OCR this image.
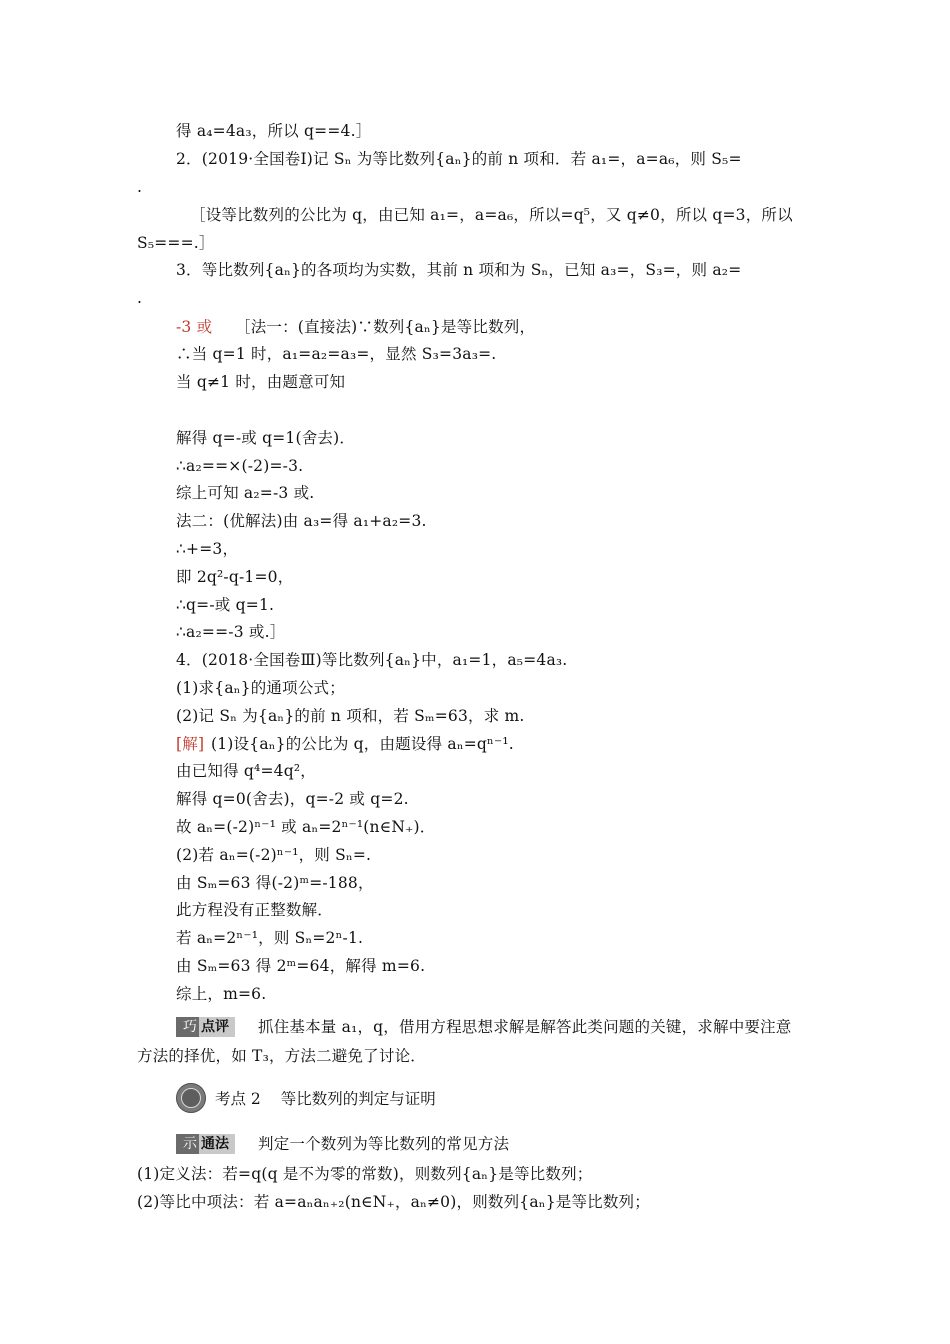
得 a₄=4a₃，所以 q==4.］
2．(2019·全国卷Ⅰ)记 Sₙ 为等比数列{aₙ}的前 n 项和．若 a₁=，a=a₆，则 S₅=
.
［设等比数列的公比为 q，由已知 a₁=，a=a₆，所以=q⁵，又 q≠0，所以 q=3，所以
S₅===.］
3．等比数列{aₙ}的各项均为实数，其前 n 项和为 Sₙ，已知 a₃=，S₃=，则 a₂=
.
［法一：(直接法)∵数列{aₙ}是等比数列，
∴当 q=1 时，a₁=a₂=a₃=，显然 S₃=3a₃=.
当 q≠1 时，由题意可知
解得 q=-或 q=1(舍去)．
∴a₂==×(-2)=-3.
综上可知 a₂=-3 或.
法二：(优解法)由 a₃=得 a₁+a₂=3.
∴+=3，
即 2q²-q-1=0，
∴q=-或 q=1.
∴a₂==-3 或.］
4．(2018·全国卷Ⅲ)等比数列{aₙ}中，a₁=1，a₅=4a₃.
(1)求{aₙ}的通项公式；
(2)记 Sₙ 为{aₙ}的前 n 项和，若 Sₘ=63，求 m.
(1)设{aₙ}的公比为 q，由题设得 aₙ=qⁿ⁻¹.
由已知得 q⁴=4q²，
解得 q=0(舍去)，q=-2 或 q=2.
故 aₙ=(-2)ⁿ⁻¹ 或 aₙ=2ⁿ⁻¹(n∈N₊)．
(2)若 aₙ=(-2)ⁿ⁻¹，则 Sₙ=.
由 Sₘ=63 得(-2)ᵐ=-188，
此方程没有正整数解．
若 aₙ=2ⁿ⁻¹，则 Sₙ=2ⁿ-1.
由 Sₘ=63 得 2ᵐ=64，解得 m=6.
综上，m=6.
抓住基本量 a₁，q，借用方程思想求解是解答此类问题的关键，求解中要注意
方法的择优，如 T₃，方法二避免了讨论．
判定一个数列为等比数列的常见方法
(1)定义法：若=q(q 是不为零的常数)，则数列{aₙ}是等比数列；
(2)等比中项法：若 a=aₙaₙ₊₂(n∈N₊，aₙ≠0)，则数列{aₙ}是等比数列；
-3 或
[解]
巧 点评
考点 2 等比数列的判定与证明
示 通法
